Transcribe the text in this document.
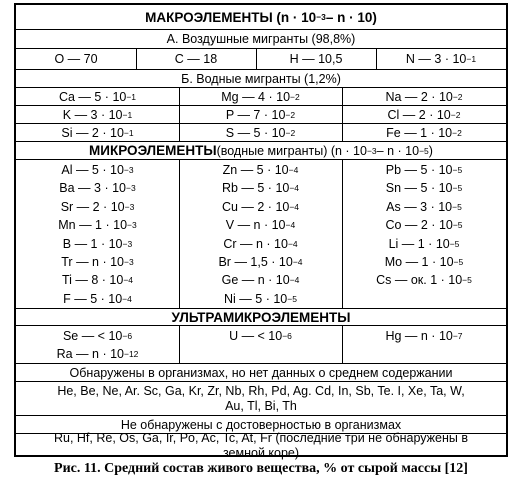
МАКРОЭЛЕМЕНТЫ (n · 10 −3 – n · 10)
А. Воздушные мигранты (98,8%)
O — 70	C — 18	H — 10,5	N — 3 · 10 −1
Б. Водные мигранты (1,2%)
Ca — 5 · 10 −1	Mg — 4 · 10 −2	Na — 2 · 10 −2
K — 3 · 10 −1	P — 7 · 10 −2	Cl — 2 · 10 −2
Si — 2 · 10 −1	S — 5 · 10 −2	Fe — 1 · 10 −2
МИКРОЭЛЕМЕНТЫ (водные мигранты) (n · 10 −3 – n · 10 −5 )
Al — 5 · 10 −3	Zn — 5 · 10 −4	Pb — 5 · 10 −5
Ba — 3 · 10 −3	Rb — 5 · 10 −4	Sn — 5 · 10 −5
Sr — 2 · 10 −3	Cu — 2 · 10 −4	As — 3 · 10 −5
Mn — 1 · 10 −3	V — n · 10 −4	Co — 2 · 10 −5
B — 1 · 10 −3	Cr — n · 10 −4	Li — 1 · 10 −5
Tr — n · 10 −3	Br — 1,5 · 10 −4	Mo — 1 · 10 −5
Ti — 8 · 10 −4	Ge — n · 10 −4	Cs — ок. 1 · 10 −5
F — 5 · 10 −4	Ni — 5 · 10 −5
УЛЬТРАМИКРОЭЛЕМЕНТЫ
Se — < 10 −6	U — < 10 −6	Hg — n · 10 −7
Ra — n · 10 −12
Обнаружены в организмах, но нет данных о среднем содержании
He, Be, Ne, Ar. Sc, Ga, Kr, Zr, Nb, Rh, Pd, Ag. Cd, In, Sb, Te. I, Xe, Ta, W,
Au, Tl, Bi, Th
Не обнаружены с достоверностью в организмах
Ru, Hf, Re, Os, Ga, Ir, Po, Ac, Tc, At, Fr (последние три не обнаружены в
земной коре)
Рис. 11. Средний состав живого вещества, % от сырой массы [12]
